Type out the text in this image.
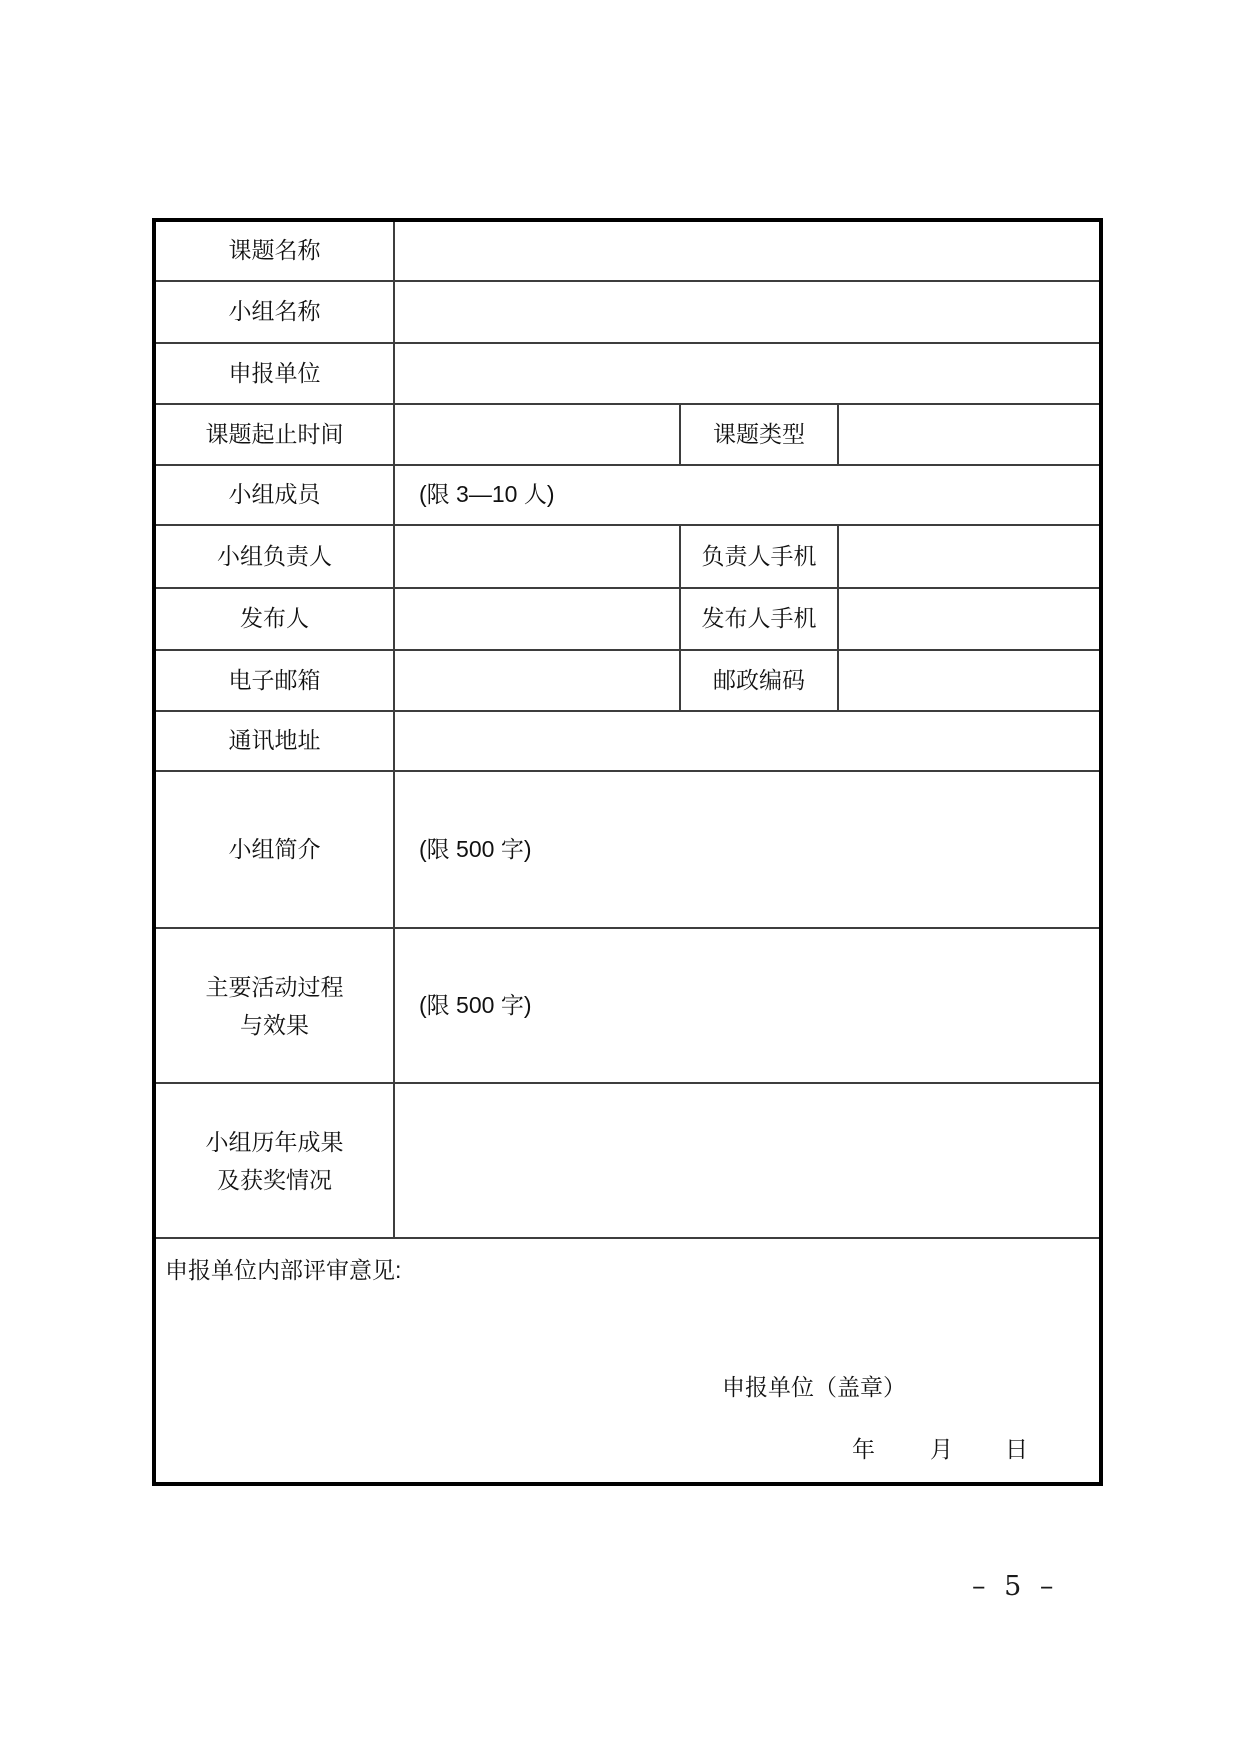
课题名称			
小组名称			
申报单位			
课题起止时间		课题类型	
小组成员	(限 3—10 人)		
小组负责人		负责人手机	
发布人		发布人手机	
电子邮箱		邮政编码	
通讯地址			
小组简介	(限 500 字)		

主要活动过程
与效果	(限 500 字)		

小组历年成果
及获奖情况			

申报单位内部评审意见:
申报单位（盖章）
年 月 日			
– 5 –
